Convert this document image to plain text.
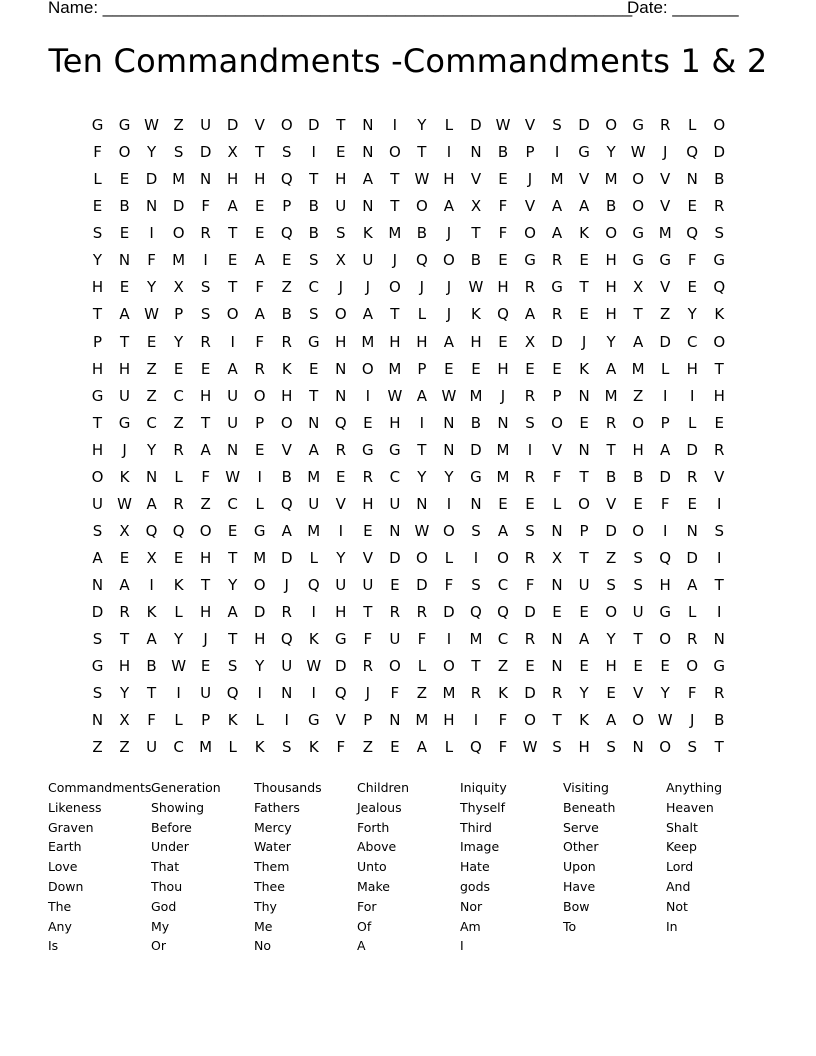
Name: ________________________________________________________
Date: _______
Ten Commandments -Commandments 1 & 2
G	G W Z	U	D	V	O	D	T	N	I	Y	L	D W V	S	D	O	G	R	L	O
F	O	Y	S	D	X	T	S	I	E	N	O	T	I	N	B	P	I	G	Y	W	J	Q	D
L	E	D M N	H	H	Q	T	H	A	T	W H	V	E	J	M	V	M O	V	N	B
E	B	N	D	F	A	E	P	B	U	N	T	O	A	X	F	V	A	A	B	O	V	E	R
S	E	I	O	R	T	E	Q	B	S	K	M	B	J	T	F	O	A	K	O	G M Q	S
Y	N	F	M	I	E	A	E	S	X	U	J	Q	O	B	E	G	R	E	H	G	G	F	G
H	E	Y	X	S	T	F	Z	C	J	J	O	J	J	W H	R	G	T	H	X	V	E	Q
T	A W	P	S	O	A	B	S	O	A	T	L	J	K	Q	A	R	E	H	T	Z	Y	K
P	T	E	Y	R	I	F	R	G	H M H	H	A	H	E	X	D	J	Y	A	D	C	O
H	H	Z	E	E	A	R	K	E	N	O M	P	E	E	H	E	E	K	A	M	L	H	T
G	U	Z	C	H	U	O	H	T	N	I	W A W M	J	R	P	N M	Z	I	I	H
T	G	C	Z	T	U	P	O	N	Q	E	H	I	N	B	N	S	O	E	R	O	P	L	E
H	J	Y	R	A	N	E	V	A	R	G	G	T	N	D M	I	V	N	T	H	A	D	R
O	K	N	L	F	W	I	B	M	E	R	C	Y	Y	G M	R	F	T	B	B	D	R	V
U W A	R	Z	C	L	Q	U	V	H	U	N	I	N	E	E	L	O	V	E	F	E	I
S	X	Q	Q	O	E	G	A	M	I	E	N W O	S	A	S	N	P	D	O	I	N	S
A	E	X	E	H	T	M D	L	Y	V	D	O	L	I	O	R	X	T	Z	S	Q	D	I
N	A	I	K	T	Y	O	J	Q	U	U	E	D	F	S	C	F	N	U	S	S	H	A	T
D	R	K	L	H	A	D	R	I	H	T	R	R	D	Q	Q	D	E	E	O	U	G	L	I
S	T	A	Y	J	T	H	Q	K	G	F	U	F	I	M	C	R	N	A	Y	T	O	R	N
G	H	B W E	S	Y	U W D	R	O	L	O	T	Z	E	N	E	H	E	E	O	G
S	Y	T	I	U	Q	I	N	I	Q	J	F	Z	M	R	K	D	R	Y	E	V	Y	F	R
N	X	F	L	P	K	L	I	G	V	P	N M H	I	F	O	T	K	A	O W	J	B
Z	Z	U	C	M	L	K	S	K	F	Z	E	A	L	Q	F	W S	H	S	N	O	S	T
Commandments Generation	Thousands	Children	Iniquity	Visiting	Anything
Likeness	Showing	Fathers	Jealous	Thyself	Beneath	Heaven
Graven	Before	Mercy	Forth	Third	Serve	Shalt
Earth	Under	Water	Above	Image	Other	Keep
Love	That	Them	Unto	Hate	Upon	Lord
Down	Thou	Thee	Make	gods	Have	And
The	God	Thy	For	Nor	Bow	Not
Any	My	Me	Of	Am	To	In
Is	Or	No	A	I
